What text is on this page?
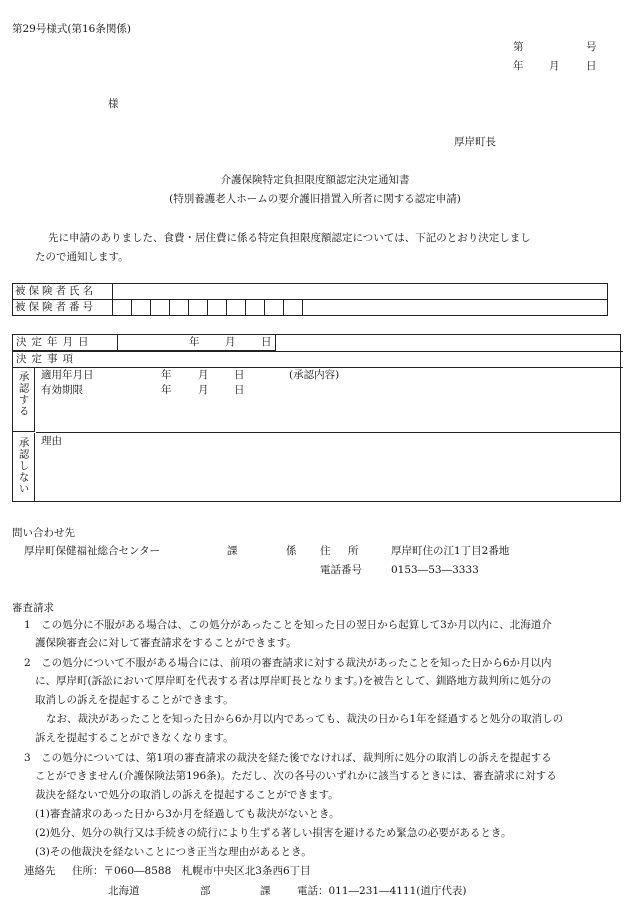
第29号様式(第16条関係)
第	号
年 月	日
様
厚岸町長
介護保険特定負担限度額認定決定通知書
(特別養護老人ホームの要介護旧措置入所者に関する認定申請)
先に申請のありました、食費・居住費に係る特定負担限度額認定については、下記のとおり決定しまし
たので通知します。
被保険者氏名	
被保険者番号	
決定年月日	年 月 日
決定事項
承認する 適用年月日	年	月 日	(承認内容)
有効期限	年	月 日
承認しない 理由
問い合わせ先
厚岸町保健福祉総合センター	課	係 住 所	厚岸町住の江1丁目2番地
電話番号	0153―53―3333
審査請求
1　この処分に不服がある場合は、この処分があったことを知った日の翌日から起算して3か月以内に、北海道介
護保険審査会に対して審査請求をすることができます。
2　この処分について不服がある場合には、前項の審査請求に対する裁決があったことを知った日から6か月以内
に、厚岸町(訴訟において厚岸町を代表する者は厚岸町長となります。)を被告として、釧路地方裁判所に処分の
取消しの訴えを提起することができます。
なお、裁決があったことを知った日から6か月以内であっても、裁決の日から1年を経過すると処分の取消しの
訴えを提起することができなくなります。
3　この処分については、第1項の審査請求の裁決を経た後でなければ、裁判所に処分の取消しの訴えを提起する
ことができません(介護保険法第196条)。ただし、次の各号のいずれかに該当するときには、審査請求に対する
裁決を経ないで処分の取消しの訴えを提起することができます。
(1)審査請求のあった日から3か月を経過しても裁決がないとき。
(2)処分、処分の執行又は手続きの続行により生ずる著しい損害を避けるため緊急の必要があるとき。
(3)その他裁決を経ないことにつき正当な理由があるとき。
連絡先 住所：〒060―8588　札幌市中央区北3条西6丁目
北海道	部	課	電話：011―231―4111(道庁代表)
